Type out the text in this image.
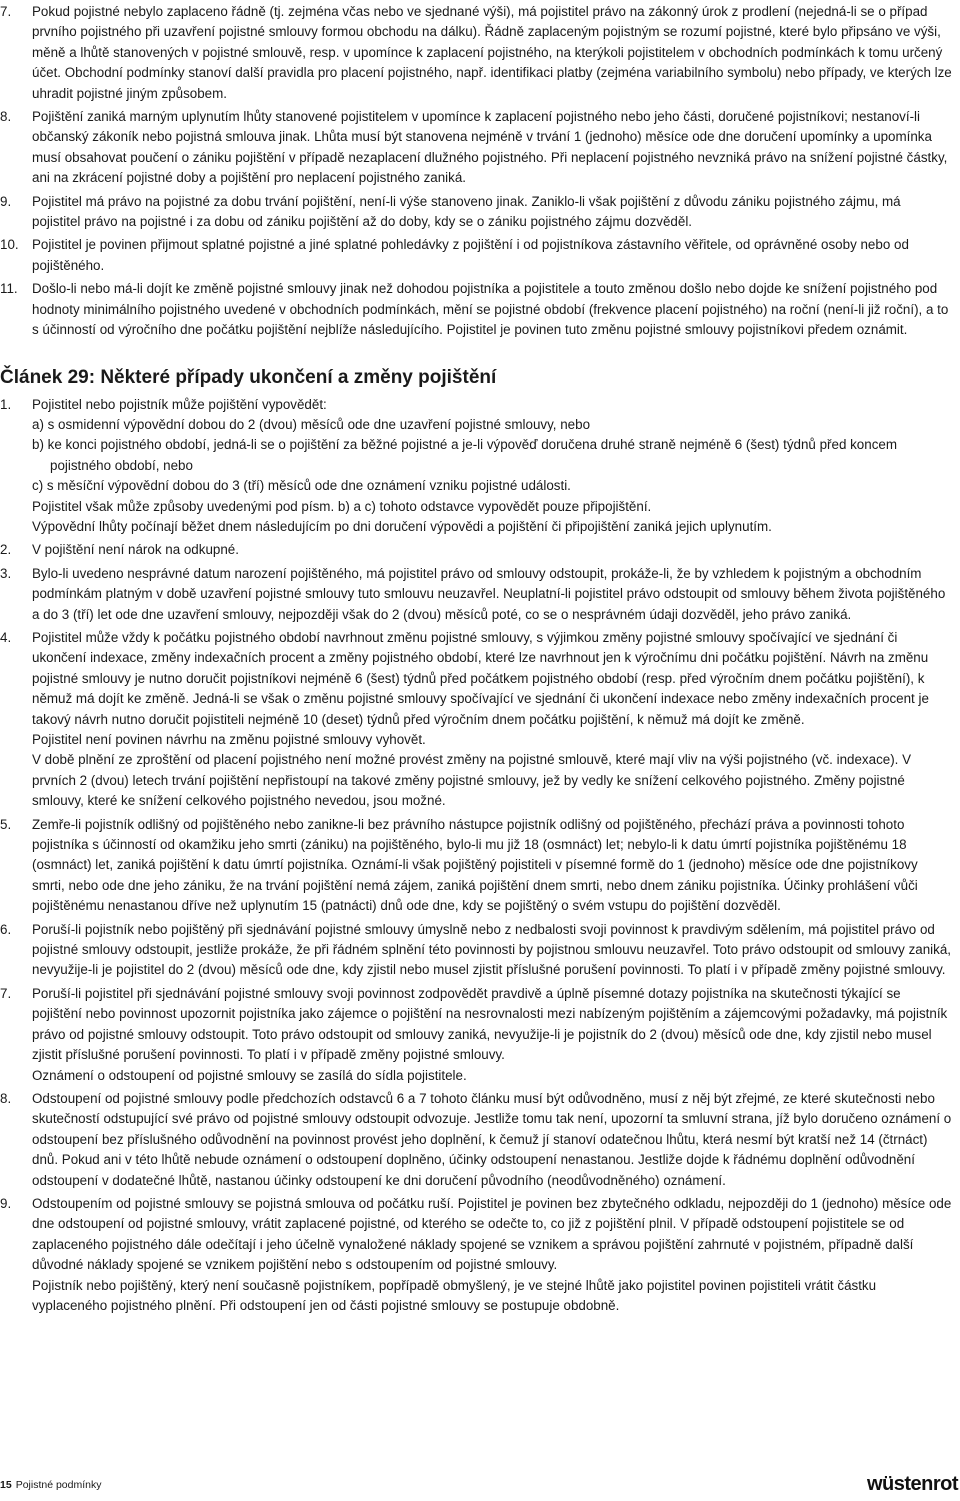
7. Pokud pojistné nebylo zaplaceno řádně (tj. zejména včas nebo ve sjednané výši), má pojistitel právo na zákonný úrok z prodlení (nejedná-li se o případ prvního pojistného při uzavření pojistné smlouvy formou obchodu na dálku). Řádně zaplaceným pojistným se rozumí pojistné, které bylo připsáno ve výši, měně a lhůtě stanovených v pojistné smlouvě, resp. v upomínce k zaplacení pojistného, na kterýkoli pojistitelem v obchodních podmínkách k tomu určený účet. Obchodní podmínky stanoví další pravidla pro placení pojistného, např. identifikaci platby (zejména variabilního symbolu) nebo případy, ve kterých lze uhradit pojistné jiným způsobem.

8. Pojištění zaniká marným uplynutím lhůty stanovené pojistitelem v upomínce k zaplacení pojistného nebo jeho části, doručené pojistníkovi; nestanoví-li občanský zákoník nebo pojistná smlouva jinak. Lhůta musí být stanovena nejméně v trvání 1 (jednoho) měsíce ode dne doručení upomínky a upomínka musí obsahovat poučení o zániku pojištění v případě nezaplacení dlužného pojistného. Při neplacení pojistného nevzniká právo na snížení pojistné částky, ani na zkrácení pojistné doby a pojištění pro neplacení pojistného zaniká.

9. Pojistitel má právo na pojistné za dobu trvání pojištění, není-li výše stanoveno jinak. Zaniklo-li však pojištění z důvodu zániku pojistného zájmu, má pojistitel právo na pojistné i za dobu od zániku pojištění až do doby, kdy se o zániku pojistného zájmu dozvěděl.

10. Pojistitel je povinen přijmout splatné pojistné a jiné splatné pohledávky z pojištění i od pojistníkova zástavního věřitele, od oprávněné osoby nebo od pojištěného.

11. Došlo-li nebo má-li dojít ke změně pojistné smlouvy jinak než dohodou pojistníka a pojistitele a touto změnou došlo nebo dojde ke snížení pojistného pod hodnoty minimálního pojistného uvedené v obchodních podmínkách, mění se pojistné období (frekvence placení pojistného) na roční (není-li již roční), a to s účinností od výročního dne počátku pojištění nejblíže následujícího. Pojistitel je povinen tuto změnu pojistné smlouvy pojistníkovi předem oznámit.

Článek 29: Některé případy ukončení a změny pojištění
1. Pojistitel nebo pojistník může pojištění vypovědět:

a) s osmidenní výpovědní dobou do 2 (dvou) měsíců ode dne uzavření pojistné smlouvy, nebo

b) ke konci pojistného období, jedná-li se o pojištění za běžné pojistné a je-li výpověď doručena druhé straně nejméně 6 (šest) týdnů před koncem pojistného období, nebo

c) s měsíční výpovědní dobou do 3 (tří) měsíců ode dne oznámení vzniku pojistné události.

Pojistitel však může způsoby uvedenými pod písm. b) a c) tohoto odstavce vypovědět pouze připojištění.

Výpovědní lhůty počínají běžet dnem následujícím po dni doručení výpovědi a pojištění či připojištění zaniká jejich uplynutím.

2. V pojištění není nárok na odkupné.

3. Bylo-li uvedeno nesprávné datum narození pojištěného, má pojistitel právo od smlouvy odstoupit, prokáže-li, že by vzhledem k pojistným a obchodním podmínkám platným v době uzavření pojistné smlouvy tuto smlouvu neuzavřel. Neuplatní-li pojistitel právo odstoupit od smlouvy během života pojištěného a do 3 (tří) let ode dne uzavření smlouvy, nejpozději však do 2 (dvou) měsíců poté, co se o nesprávném údaji dozvěděl, jeho právo zaniká.

4. Pojistitel může vždy k počátku pojistného období navrhnout změnu pojistné smlouvy, s výjimkou změny pojistné smlouvy spočívající ve sjednání či ukončení indexace, změny indexačních procent a změny pojistného období, které lze navrhnout jen k výročnímu dni počátku pojištění. Návrh na změnu pojistné smlouvy je nutno doručit pojistníkovi nejméně 6 (šest) týdnů před počátkem pojistného období (resp. před výročním dnem počátku pojištění), k němuž má dojít ke změně. Jedná-li se však o změnu pojistné smlouvy spočívající ve sjednání či ukončení indexace nebo změny indexačních procent je takový návrh nutno doručit pojistiteli nejméně 10 (deset) týdnů před výročním dnem počátku pojištění, k němuž má dojít ke změně.

Pojistitel není povinen návrhu na změnu pojistné smlouvy vyhovět.

V době plnění ze zproštění od placení pojistného není možné provést změny na pojistné smlouvě, které mají vliv na výši pojistného (vč. indexace). V prvních 2 (dvou) letech trvání pojištění nepřistoupí na takové změny pojistné smlouvy, jež by vedly ke snížení celkového pojistného. Změny pojistné smlouvy, které ke snížení celkového pojistného nevedou, jsou možné.

5. Zemře-li pojistník odlišný od pojištěného nebo zanikne-li bez právního nástupce pojistník odlišný od pojištěného, přechází práva a povinnosti tohoto pojistníka s účinností od okamžiku jeho smrti (zániku) na pojištěného, bylo-li mu již 18 (osmnáct) let; nebylo-li k datu úmrtí pojistníka pojištěnému 18 (osmnáct) let, zaniká pojištění k datu úmrtí pojistníka. Oznámí-li však pojištěný pojistiteli v písemné formě do 1 (jednoho) měsíce ode dne pojistníkovy smrti, nebo ode dne jeho zániku, že na trvání pojištění nemá zájem, zaniká pojištění dnem smrti, nebo dnem zániku pojistníka. Účinky prohlášení vůči pojištěnému nenastanou dříve než uplynutím 15 (patnácti) dnů ode dne, kdy se pojištěný o svém vstupu do pojištění dozvěděl.

6. Poruší-li pojistník nebo pojištěný při sjednávání pojistné smlouvy úmyslně nebo z nedbalosti svoji povinnost k pravdivým sdělením, má pojistitel právo od pojistné smlouvy odstoupit, jestliže prokáže, že při řádném splnění této povinnosti by pojistnou smlouvu neuzavřel. Toto právo odstoupit od smlouvy zaniká, nevyužije-li je pojistitel do 2 (dvou) měsíců ode dne, kdy zjistil nebo musel zjistit příslušné porušení povinnosti. To platí i v případě změny pojistné smlouvy.

7. Poruší-li pojistitel při sjednávání pojistné smlouvy svoji povinnost zodpovědět pravdivě a úplně písemné dotazy pojistníka na skutečnosti týkající se pojištění nebo povinnost upozornit pojistníka jako zájemce o pojištění na nesrovnalosti mezi nabízeným pojištěním a zájemcovými požadavky, má pojistník právo od pojistné smlouvy odstoupit. Toto právo odstoupit od smlouvy zaniká, nevyužije-li je pojistník do 2 (dvou) měsíců ode dne, kdy zjistil nebo musel zjistit příslušné porušení povinnosti. To platí i v případě změny pojistné smlouvy.

Oznámení o odstoupení od pojistné smlouvy se zasílá do sídla pojistitele.

8. Odstoupení od pojistné smlouvy podle předchozích odstavců 6 a 7 tohoto článku musí být odůvodněno, musí z něj být zřejmé, ze které skutečnosti nebo skutečností odstupující své právo od pojistné smlouvy odstoupit odvozuje. Jestliže tomu tak není, upozorní ta smluvní strana, jíž bylo doručeno oznámení o odstoupení bez příslušného odůvodnění na povinnost provést jeho doplnění, k čemuž jí stanoví odatečnou lhůtu, která nesmí být kratší než 14 (čtrnáct) dnů. Pokud ani v této lhůtě nebude oznámení o odstoupení doplněno, účinky odstoupení nenastanou. Jestliže dojde k řádnému doplnění odůvodnění odstoupení v dodatečné lhůtě, nastanou účinky odstoupení ke dni doručení původního (neodůvodněného) oznámení.

9. Odstoupením od pojistné smlouvy se pojistná smlouva od počátku ruší. Pojistitel je povinen bez zbytečného odkladu, nejpozději do 1 (jednoho) měsíce ode dne odstoupení od pojistné smlouvy, vrátit zaplacené pojistné, od kterého se odečte to, co již z pojištění plnil. V případě odstoupení pojistitele se od zaplaceného pojistného dále odečítají i jeho účelně vynaložené náklady spojené se vznikem a správou pojištění zahrnuté v pojistném, případně další důvodné náklady spojené se vznikem pojištění nebo s odstoupením od pojistné smlouvy.

Pojistník nebo pojištěný, který není současně pojistníkem, popřípadě obmyšlený, je ve stejné lhůtě jako pojistitel povinen pojistiteli vrátit částku vyplaceného pojistného plnění. Při odstoupení jen od části pojistné smlouvy se postupuje obdobně.

15 Pojistné podmínky	wüstenrot
